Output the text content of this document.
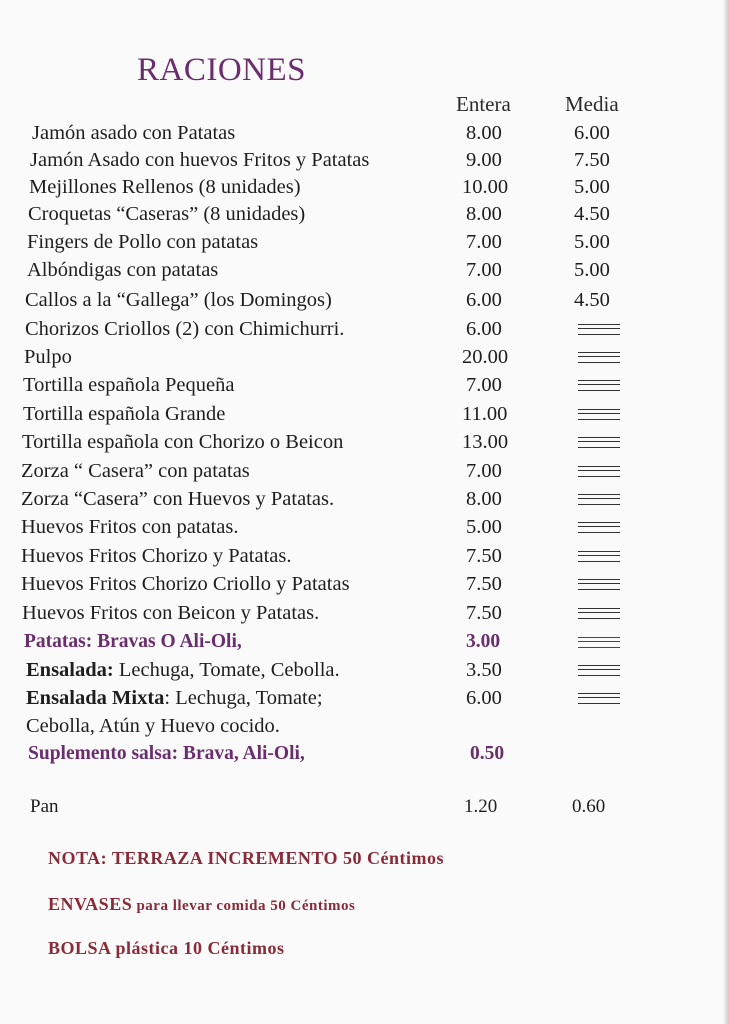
RACIONES
Entera	Media
Jamón asado con Patatas	8.00	6.00
Jamón Asado con huevos Fritos y Patatas	9.00	7.50
Mejillones Rellenos (8 unidades)	10.00	5.00
Croquetas “Caseras” (8 unidades)	8.00	4.50
Fingers de Pollo con patatas	7.00	5.00
Albóndigas con patatas	7.00	5.00
Callos a la “Gallega” (los Domingos)	6.00	4.50
Chorizos Criollos (2) con Chimichurri.	6.00
Pulpo	20.00
Tortilla española Pequeña	7.00
Tortilla española Grande	11.00
Tortilla española con Chorizo o Beicon	13.00
Zorza “ Casera” con patatas	7.00
Zorza “Casera” con Huevos y Patatas.	8.00
Huevos Fritos con patatas.	5.00
Huevos Fritos Chorizo y Patatas.	7.50
Huevos Fritos Chorizo Criollo y Patatas	7.50
Huevos Fritos con Beicon y Patatas.	7.50
Patatas: Bravas O Ali-Oli,	3.00
Ensalada: Lechuga, Tomate, Cebolla.	3.50
Ensalada Mixta: Lechuga, Tomate;	6.00
Cebolla, Atún y Huevo cocido.
Suplemento salsa: Brava, Ali-Oli,	0.50
Pan	1.20	0.60
NOTA: TERRAZA INCREMENTO 50 Céntimos
ENVASES para llevar comida 50 Céntimos
BOLSA plástica 10 Céntimos
